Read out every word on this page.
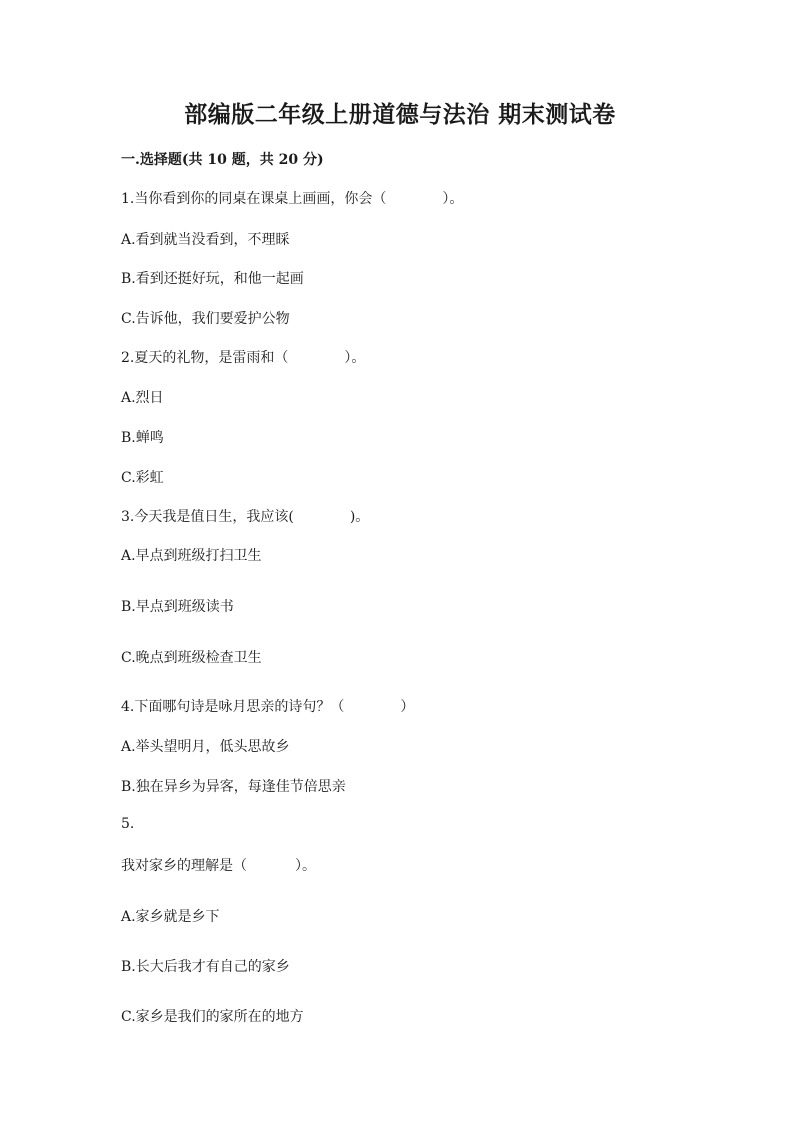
部编版二年级上册道德与法治 期末测试卷
一.选择题(共 10 题，共 20 分)
1.当你看到你的同桌在课桌上画画，你会（	）。
A.看到就当没看到，不理睬
B.看到还挺好玩，和他一起画
C.告诉他，我们要爱护公物
2.夏天的礼物，是雷雨和（	）。
A.烈日
B.蝉鸣
C.彩虹
3.今天我是值日生，我应该(	)。
A.早点到班级打扫卫生
B.早点到班级读书
C.晚点到班级检查卫生
4.下面哪句诗是咏月思亲的诗句？（	）
A.举头望明月，低头思故乡
B.独在异乡为异客，每逢佳节倍思亲
5.
我对家乡的理解是（	）。
A.家乡就是乡下
B.长大后我才有自己的家乡
C.家乡是我们的家所在的地方
